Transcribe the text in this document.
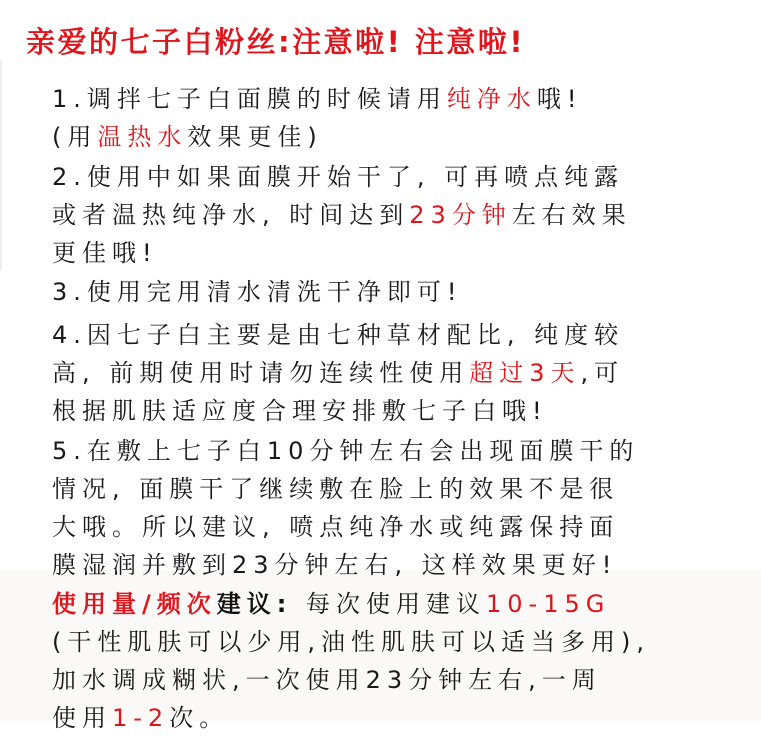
亲爱的七子白粉丝:注意啦! 注意啦!
1.调拌七子白面膜的时候请用纯净水哦!
(用温热水效果更佳)
2.使用中如果面膜开始干了, 可再喷点纯露
或者温热纯净水, 时间达到23分钟左右效果
更佳哦!
3.使用完用清水清洗干净即可!
4.因七子白主要是由七种草材配比, 纯度较
高, 前期使用时请勿连续性使用超过3天,可
根据肌肤适应度合理安排敷七子白哦!
5.在敷上七子白10分钟左右会出现面膜干的
情况, 面膜干了继续敷在脸上的效果不是很
大哦。所以建议, 喷点纯净水或纯露保持面
膜湿润并敷到23分钟左右, 这样效果更好!
使用量/频次建议: 每次使用建议10-15G
(干性肌肤可以少用,油性肌肤可以适当多用),
加水调成糊状,一次使用23分钟左右,一周
使用1-2次。
